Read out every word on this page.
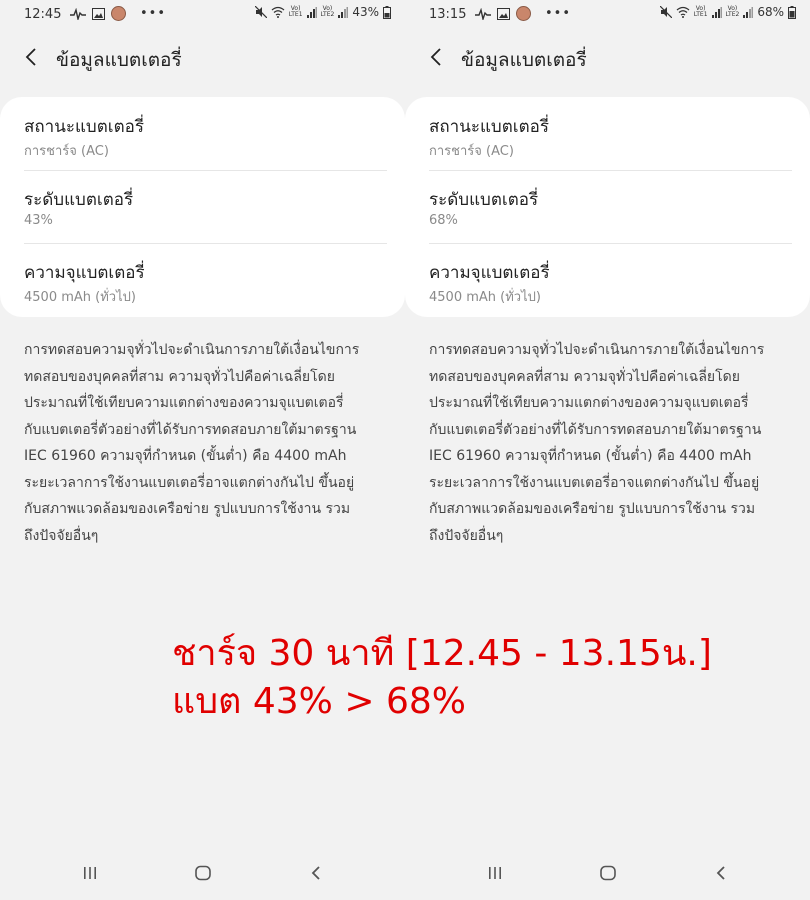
12:45	•••	Vo)
LTE1
Vo)
LTE2 43%
ข้อมูลแบตเตอรี่
สถานะแบตเตอรี่
การชาร์จ (AC)
ระดับแบตเตอรี่
43%
ความจุแบตเตอรี่
4500 mAh (ทั่วไป)
การทดสอบความจุทั่วไปจะดำเนินการภายใต้เงื่อนไขการ
ทดสอบของบุคคลที่สาม ความจุทั่วไปคือค่าเฉลี่ยโดย
ประมาณที่ใช้เทียบความแตกต่างของความจุแบตเตอรี่
กับแบตเตอรี่ตัวอย่างที่ได้รับการทดสอบภายใต้มาตรฐาน
IEC 61960 ความจุที่กำหนด (ขั้นต่ำ) คือ 4400 mAh
ระยะเวลาการใช้งานแบตเตอรี่อาจแตกต่างกันไป ขึ้นอยู่
กับสภาพแวดล้อมของเครือข่าย รูปแบบการใช้งาน รวม
ถึงปัจจัยอื่นๆ
13:15	•••	Vo)
LTE1
Vo)
LTE2 68%
ข้อมูลแบตเตอรี่
สถานะแบตเตอรี่
การชาร์จ (AC)
ระดับแบตเตอรี่
68%
ความจุแบตเตอรี่
4500 mAh (ทั่วไป)
การทดสอบความจุทั่วไปจะดำเนินการภายใต้เงื่อนไขการ
ทดสอบของบุคคลที่สาม ความจุทั่วไปคือค่าเฉลี่ยโดย
ประมาณที่ใช้เทียบความแตกต่างของความจุแบตเตอรี่
กับแบตเตอรี่ตัวอย่างที่ได้รับการทดสอบภายใต้มาตรฐาน
IEC 61960 ความจุที่กำหนด (ขั้นต่ำ) คือ 4400 mAh
ระยะเวลาการใช้งานแบตเตอรี่อาจแตกต่างกันไป ขึ้นอยู่
กับสภาพแวดล้อมของเครือข่าย รูปแบบการใช้งาน รวม
ถึงปัจจัยอื่นๆ
ชาร์จ 30 นาที [12.45 - 13.15น.]
แบต 43% > 68%
